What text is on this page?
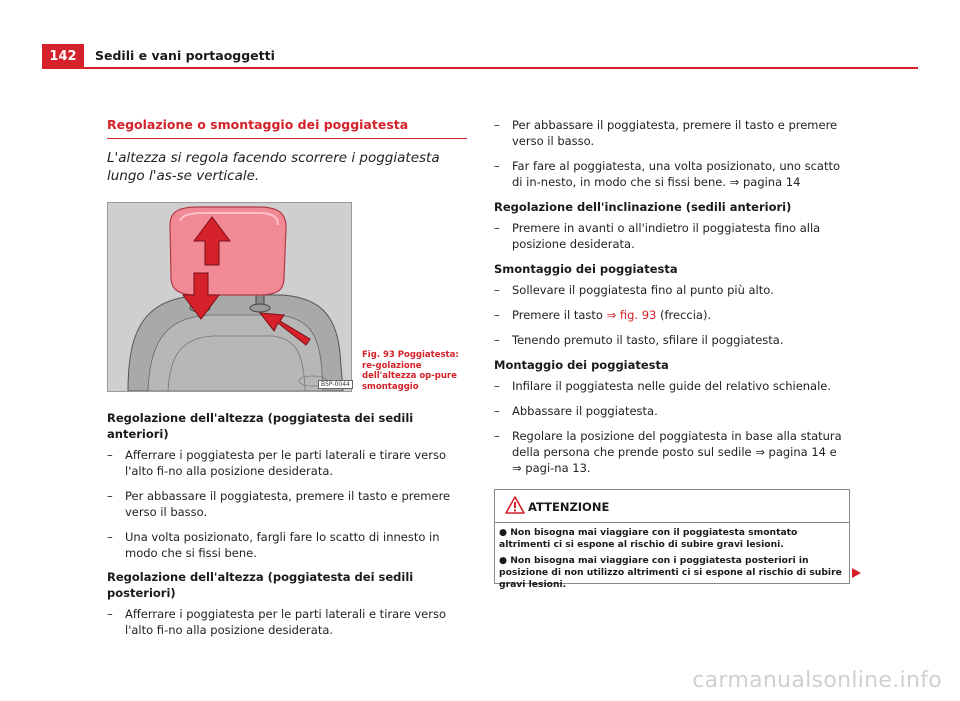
142	Sedili e vani portaoggetti
Regolazione o smontaggio dei poggiatesta
L'altezza si regola facendo scorrere i poggiatesta lungo l'as-se verticale.
B5P-0044
Fig. 93 Poggiatesta: re-golazione dell'altezza op-pure smontaggio

Regolazione dell'altezza (poggiatesta dei sedili anteriori)

– Afferrare i poggiatesta per le parti laterali e tirare verso l'alto fi-no alla posizione desiderata.
– Per abbassare il poggiatesta, premere il tasto e premere verso il basso.
– Una volta posizionato, fargli fare lo scatto di innesto in modo che si fissi bene.

Regolazione dell'altezza (poggiatesta dei sedili posteriori)

– Afferrare i poggiatesta per le parti laterali e tirare verso l'alto fi-no alla posizione desiderata.
– Per abbassare il poggiatesta, premere il tasto e premere verso il basso.
– Far fare al poggiatesta, una volta posizionato, uno scatto di in-nesto, in modo che si fissi bene. ⇒ pagina 14

Regolazione dell'inclinazione (sedili anteriori)

– Premere in avanti o all'indietro il poggiatesta fino alla posizione desiderata.

Smontaggio dei poggiatesta

– Sollevare il poggiatesta fino al punto più alto.
– Premere il tasto ⇒ fig. 93 (freccia).
– Tenendo premuto il tasto, sfilare il poggiatesta.

Montaggio dei poggiatesta

– Infilare il poggiatesta nelle guide del relativo schienale.
– Abbassare il poggiatesta.
– Regolare la posizione del poggiatesta in base alla statura della persona che prende posto sul sedile ⇒ pagina 14 e ⇒ pagi-na 13.
ATTENZIONE
● Non bisogna mai viaggiare con il poggiatesta smontato altrimenti ci si espone al rischio di subire gravi lesioni.
● Non bisogna mai viaggiare con i poggiatesta posteriori in posizione di non utilizzo altrimenti ci si espone al rischio di subire gravi lesioni.
carmanualsonline.info
